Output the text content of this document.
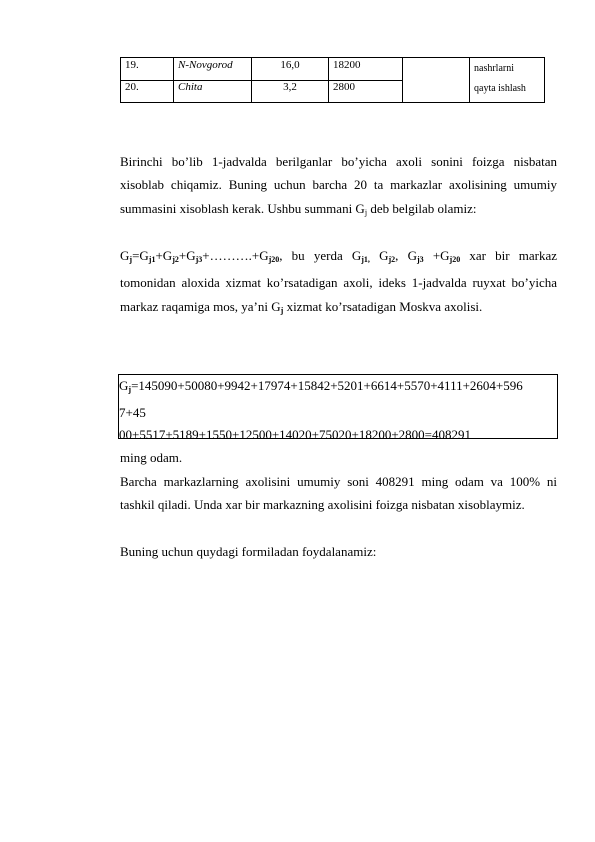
19.	N-Novgorod	16,0	18200		nashrlarni
qayta ishlash

20.	Chita	3,2	2800		
Birinchi bo’lib 1-jadvalda berilganlar bo’yicha axoli sonini foizga nisbatan xisoblab chiqamiz. Buning uchun barcha 20 ta markazlar axolisining umumiy summasini xisoblash kerak. Ushbu summani $G_j$ deb belgilab olamiz:
$G_j=G_{j1}+G_{j2}+G_{j3}+\dots\dots\dots.+G_{j20}$, bu yerda $G_{j1,}$ $G_{j2}$, $G_{j3} +G_{j20}$ xar bir markaz tomonidan aloxida xizmat ko’rsatadigan axoli, ideks 1-jadvalda ruyxat bo’yicha markaz raqamiga mos, ya’ni $G_j$ xizmat ko’rsatadigan Moskva axolisi.
$G_j=145090+50080+9942+17974+15842+5201+6614+5570+4111+2604+596$
7+45
00+5517+5189+1550+12500+14020+75020+18200+2800=408291
ming odam.
Barcha markazlarning axolisini umumiy soni 408291 ming odam va 100% ni tashkil qiladi. Unda xar bir markazning axolisini foizga nisbatan xisoblaymiz.
Buning uchun quydagi formiladan foydalanamiz:
